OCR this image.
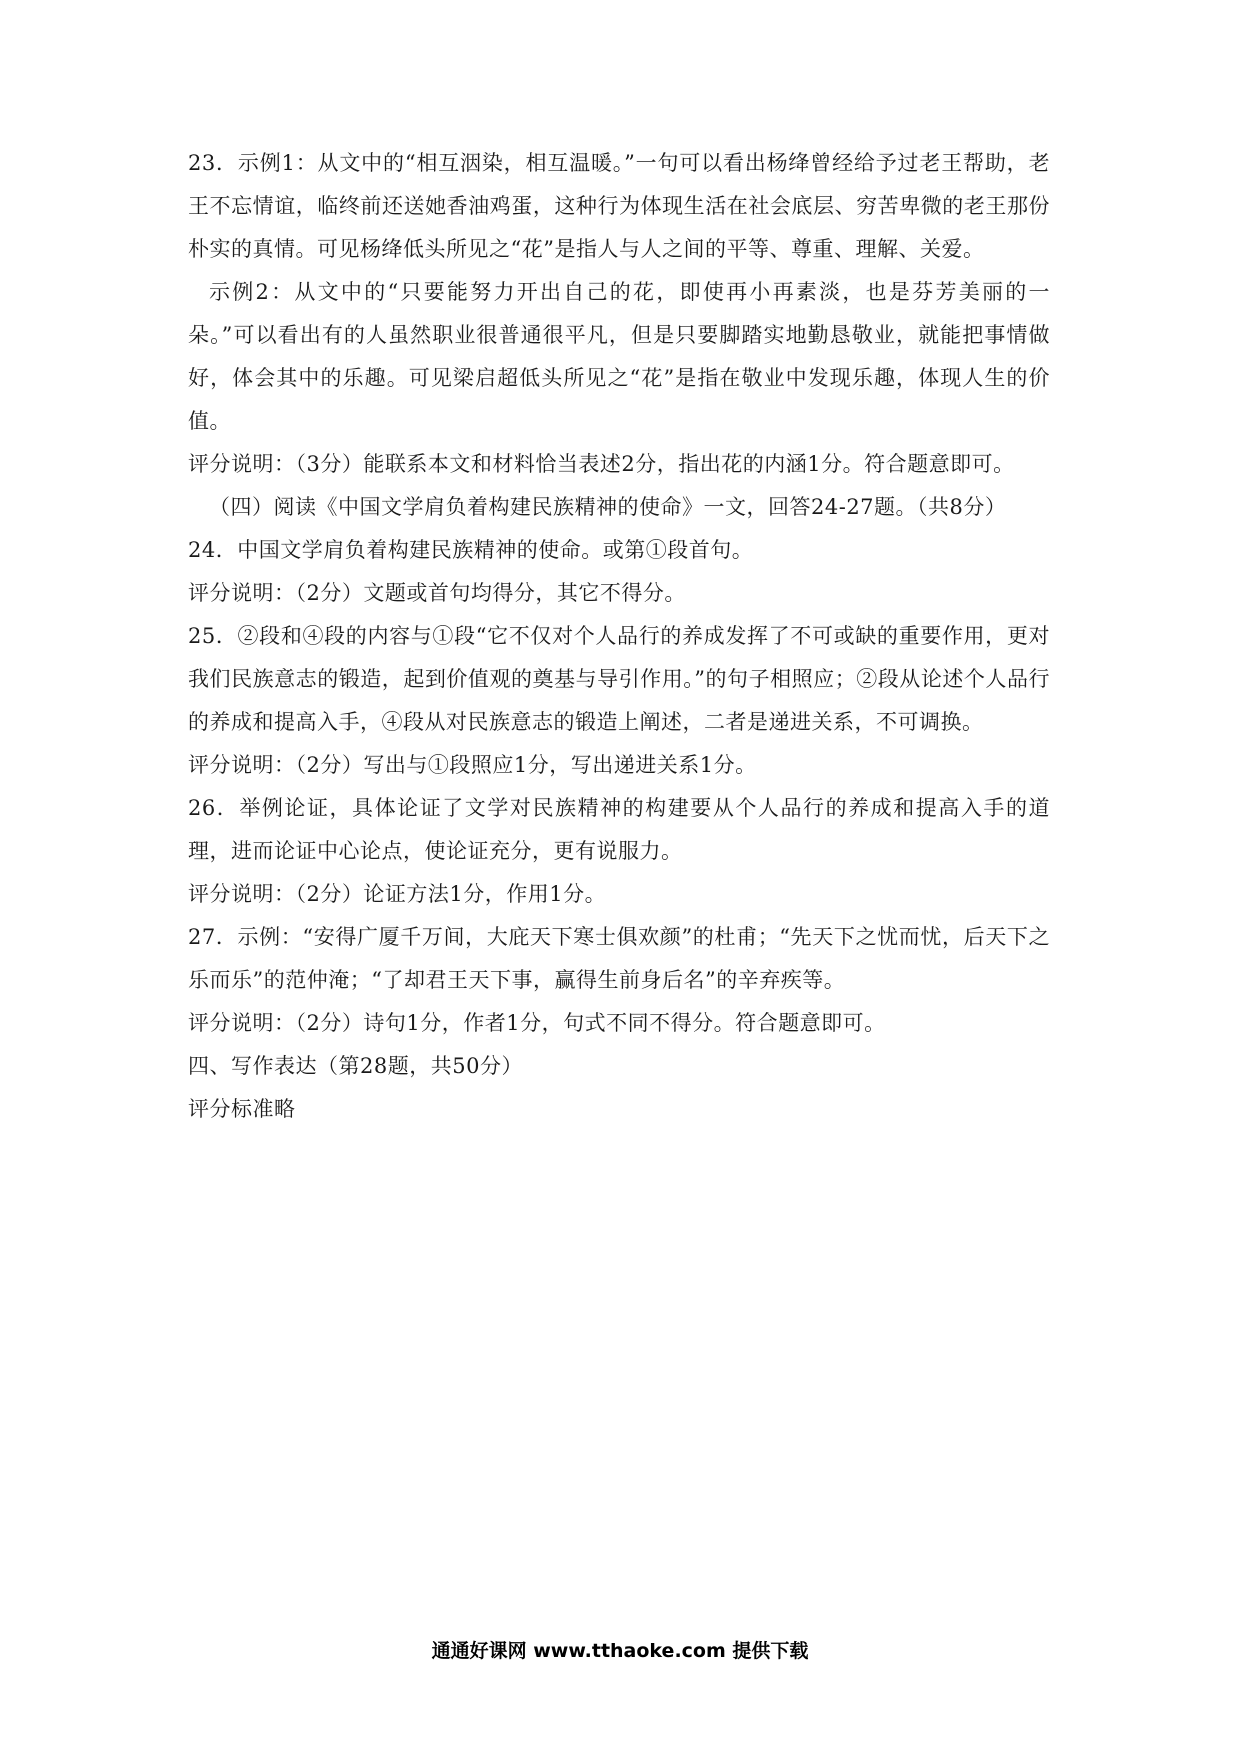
23．示例1：从文中的“相互洇染，相互温暖。”一句可以看出杨绛曾经给予过老王帮助，老王不忘情谊，临终前还送她香油鸡蛋，这种行为体现生活在社会底层、穷苦卑微的老王那份朴实的真情。可见杨绛低头所见之“花”是指人与人之间的平等、尊重、理解、关爱。

示例2：从文中的“只要能努力开出自己的花，即使再小再素淡，也是芬芳美丽的一朵。”可以看出有的人虽然职业很普通很平凡，但是只要脚踏实地勤恳敬业，就能把事情做好，体会其中的乐趣。可见梁启超低头所见之“花”是指在敬业中发现乐趣，体现人生的价值。

评分说明：（3分）能联系本文和材料恰当表述2分，指出花的内涵1分。符合题意即可。

（四）阅读《中国文学肩负着构建民族精神的使命》一文，回答24-27题。（共8分）

24．中国文学肩负着构建民族精神的使命。或第①段首句。

评分说明：（2分）文题或首句均得分，其它不得分。

25．②段和④段的内容与①段“它不仅对个人品行的养成发挥了不可或缺的重要作用，更对我们民族意志的锻造，起到价值观的奠基与导引作用。”的句子相照应；②段从论述个人品行的养成和提高入手，④段从对民族意志的锻造上阐述，二者是递进关系，不可调换。

评分说明：（2分）写出与①段照应1分，写出递进关系1分。

26．举例论证，具体论证了文学对民族精神的构建要从个人品行的养成和提高入手的道理，进而论证中心论点，使论证充分，更有说服力。

评分说明：（2分）论证方法1分，作用1分。

27．示例：“安得广厦千万间，大庇天下寒士俱欢颜”的杜甫；“先天下之忧而忧，后天下之乐而乐”的范仲淹；“了却君王天下事，赢得生前身后名”的辛弃疾等。

评分说明：（2分）诗句1分，作者1分，句式不同不得分。符合题意即可。

四、写作表达（第28题，共50分）

评分标准略

通通好课网 www.tthaoke.com 提供下载
